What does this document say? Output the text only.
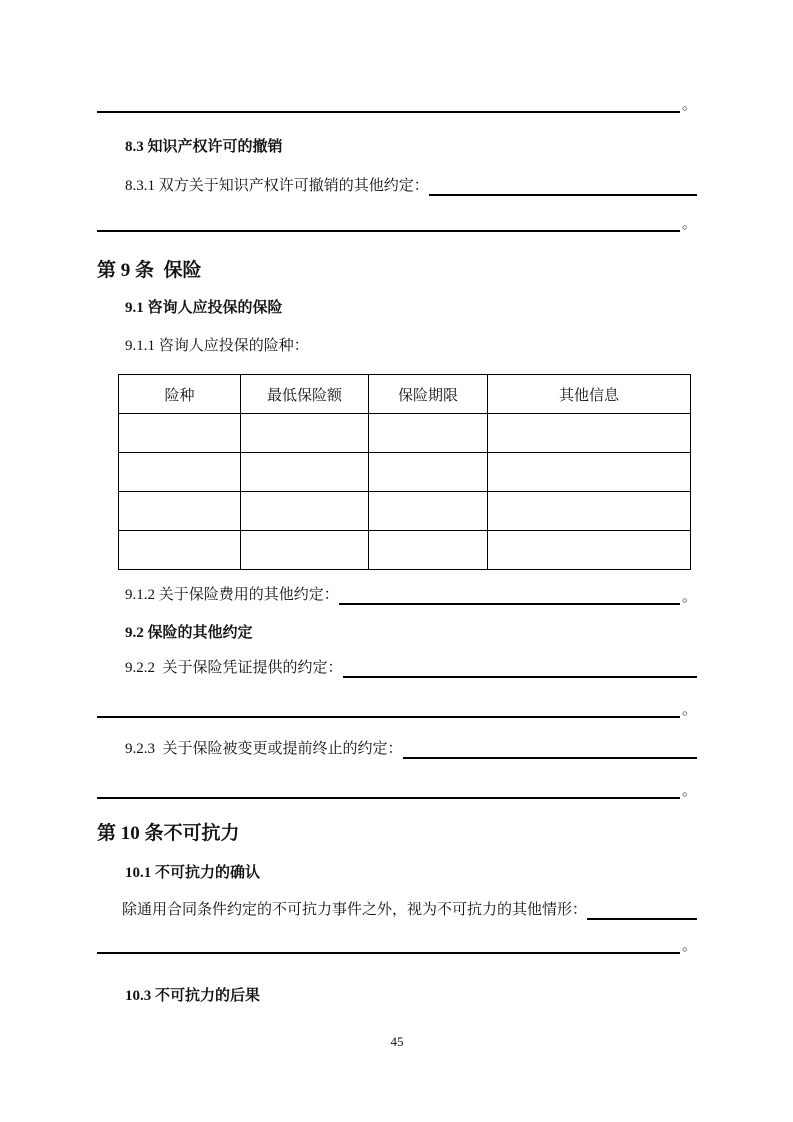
。
8.3 知识产权许可的撤销
8.3.1 双方关于知识产权许可撤销的其他约定：
。
第 9 条  保险
9.1 咨询人应投保的保险
9.1.1 咨询人应投保的险种：
险种	最低保险额	保险期限	其他信息

9.1.2 关于保险费用的其他约定：	。
9.2 保险的其他约定
9.2.2  关于保险凭证提供的约定：
。
9.2.3  关于保险被变更或提前终止的约定：
。
第 10 条不可抗力
10.1 不可抗力的确认
除通用合同条件约定的不可抗力事件之外，视为不可抗力的其他情形：
。
10.3 不可抗力的后果
45
